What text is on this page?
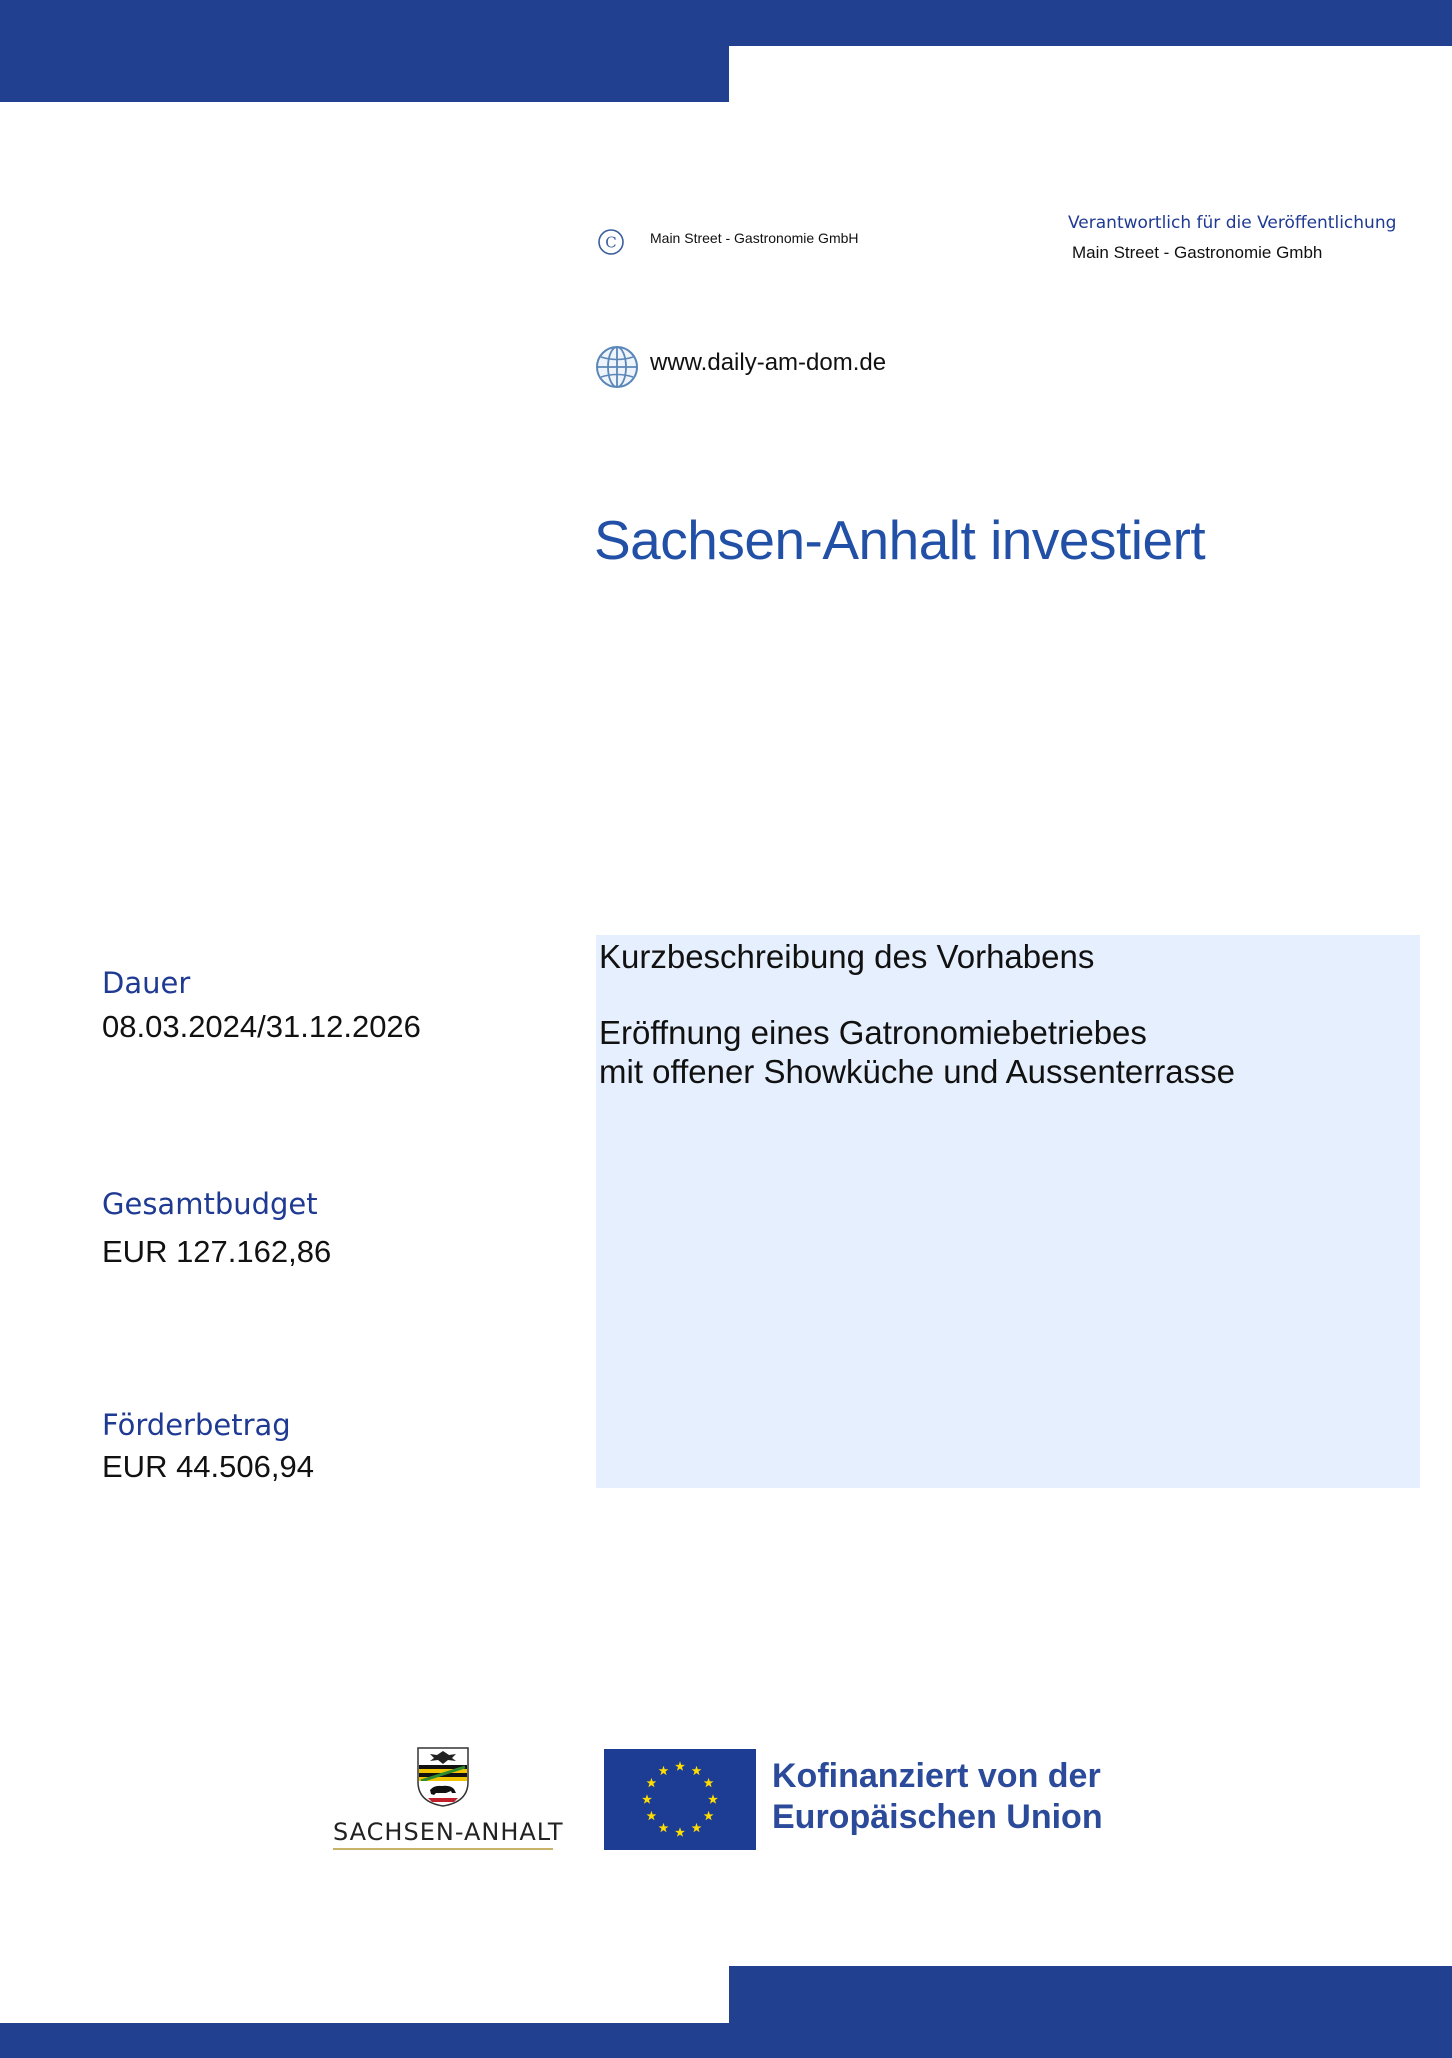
C Main Street - Gastronomie GmbH
Verantwortlich für die Veröffentlichung
Main Street - Gastronomie Gmbh
www.daily-am-dom.de
Sachsen-Anhalt investiert
Dauer
08.03.2024/31.12.2026
Gesamtbudget
EUR 127.162,86
Förderbetrag
EUR 44.506,94
Kurzbeschreibung des Vorhabens
Eröffnung eines Gatronomiebetriebes
mit offener Showküche und Aussenterrasse
SACHSEN-ANHALT
Kofinanziert von der
Europäischen Union
